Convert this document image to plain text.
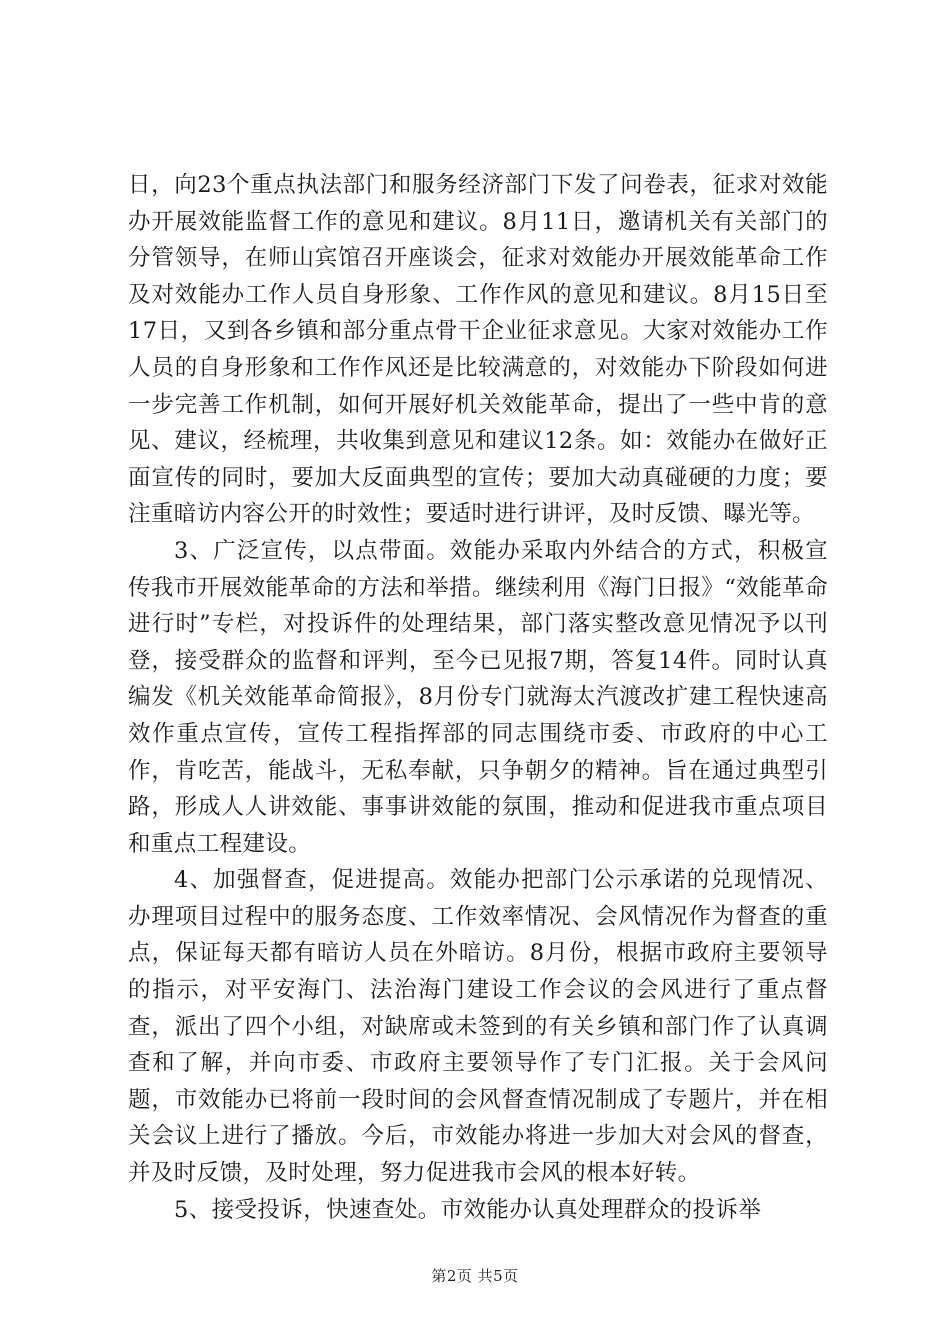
日，向23个重点执法部门和服务经济部门下发了问卷表，征求对效能办开展效能监督工作的意见和建议。8月11日，邀请机关有关部门的分管领导，在师山宾馆召开座谈会，征求对效能办开展效能革命工作及对效能办工作人员自身形象、工作作风的意见和建议。8月15日至17日，又到各乡镇和部分重点骨干企业征求意见。大家对效能办工作人员的自身形象和工作作风还是比较满意的，对效能办下阶段如何进一步完善工作机制，如何开展好机关效能革命，提出了一些中肯的意见、建议，经梳理，共收集到意见和建议12条。如：效能办在做好正面宣传的同时，要加大反面典型的宣传；要加大动真碰硬的力度；要注重暗访内容公开的时效性；要适时进行讲评，及时反馈、曝光等。

3、广泛宣传，以点带面。效能办采取内外结合的方式，积极宣传我市开展效能革命的方法和举措。继续利用《海门日报》“效能革命进行时”专栏，对投诉件的处理结果，部门落实整改意见情况予以刊登，接受群众的监督和评判，至今已见报7期，答复14件。同时认真编发《机关效能革命简报》，8月份专门就海太汽渡改扩建工程快速高效作重点宣传，宣传工程指挥部的同志围绕市委、市政府的中心工作，肯吃苦，能战斗，无私奉献，只争朝夕的精神。旨在通过典型引路，形成人人讲效能、事事讲效能的氛围，推动和促进我市重点项目和重点工程建设。

4、加强督查，促进提高。效能办把部门公示承诺的兑现情况、办理项目过程中的服务态度、工作效率情况、会风情况作为督查的重点，保证每天都有暗访人员在外暗访。8月份，根据市政府主要领导的指示，对平安海门、法治海门建设工作会议的会风进行了重点督查，派出了四个小组，对缺席或未签到的有关乡镇和部门作了认真调查和了解，并向市委、市政府主要领导作了专门汇报。关于会风问题，市效能办已将前一段时间的会风督查情况制成了专题片，并在相关会议上进行了播放。今后，市效能办将进一步加大对会风的督查，并及时反馈，及时处理，努力促进我市会风的根本好转。

5、接受投诉，快速查处。市效能办认真处理群众的投诉举

第2页 共5页
